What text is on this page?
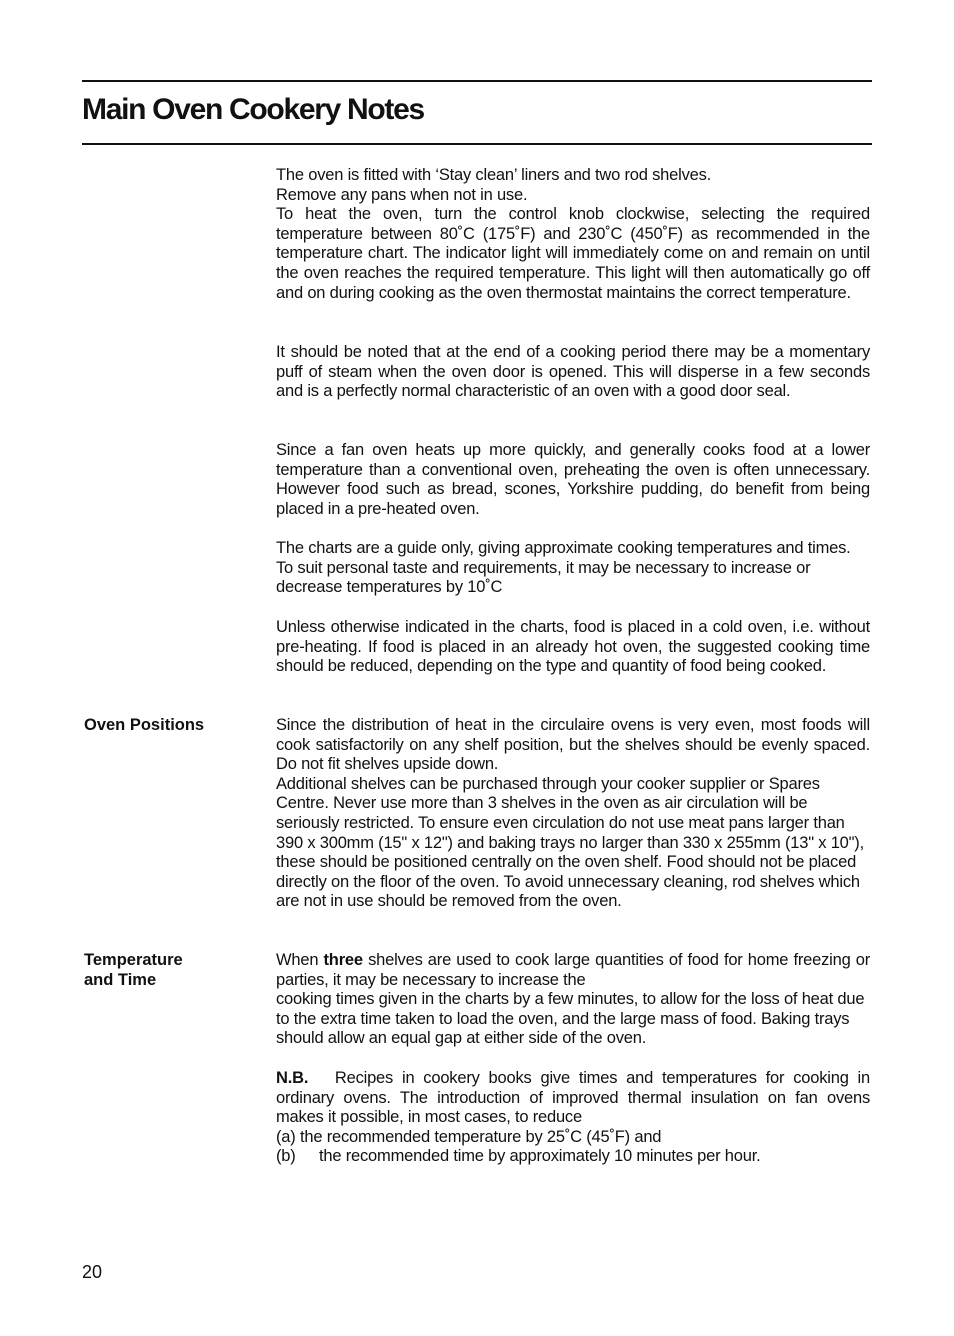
Main Oven Cookery Notes

The oven is fitted with ‘Stay clean’ liners and two rod shelves.
Remove any pans when not in use.

To heat the oven, turn the control knob clockwise, selecting the required temperature between 80˚C (175˚F) and 230˚C (450˚F) as recommended in the temperature chart. The indicator light will immediately come on and remain on until the oven reaches the required temperature. This light will then automatically go off and on during cooking as the oven thermostat maintains the correct temperature.

It should be noted that at the end of a cooking period there may be a momentary puff of steam when the oven door is opened. This will disperse in a few seconds and is a perfectly normal characteristic of an oven with a good door seal.

Since a fan oven heats up more quickly, and generally cooks food at a lower temperature than a conventional oven, preheating the oven is often unnecessary. However food such as bread, scones, Yorkshire pudding, do benefit from being placed in a pre-heated oven.

The charts are a guide only, giving approximate cooking temperatures and times. To suit personal taste and requirements, it may be necessary to increase or decrease temperatures by 10˚C

Unless otherwise indicated in the charts, food is placed in a cold oven, i.e. without pre-heating. If food is placed in an already hot oven, the suggested cooking time should be reduced, depending on the type and quantity of food being cooked.

Oven Positions	Since the distribution of heat in the circulaire ovens is very even, most foods will cook satisfactorily on any shelf position, but the shelves should be evenly spaced. Do not fit shelves upside down.

Additional shelves can be purchased through your cooker supplier or Spares Centre. Never use more than 3 shelves in the oven as air circulation will be seriously restricted. To ensure even circulation do not use meat pans larger than 390 x 300mm (15" x 12") and baking trays no larger than 330 x 255mm (13" x 10"), these should be positioned centrally on the oven shelf. Food should not be placed directly on the floor of the oven. To avoid unnecessary cleaning, rod shelves which are not in use should be removed from the oven.

Temperature
and Time

When three shelves are used to cook large quantities of food for home freezing or parties, it may be necessary to increase the

cooking times given in the charts by a few minutes, to allow for the loss of heat due to the extra time taken to load the oven, and the large mass of food. Baking trays should allow an equal gap at either side of the oven.

N.B. Recipes in cookery books give times and temperatures for cooking in ordinary ovens. The introduction of improved thermal insulation on fan ovens makes it possible, in most cases, to reduce

(a) the recommended temperature by 25˚C (45˚F) and

(b)	the recommended time by approximately 10 minutes per hour.

20
